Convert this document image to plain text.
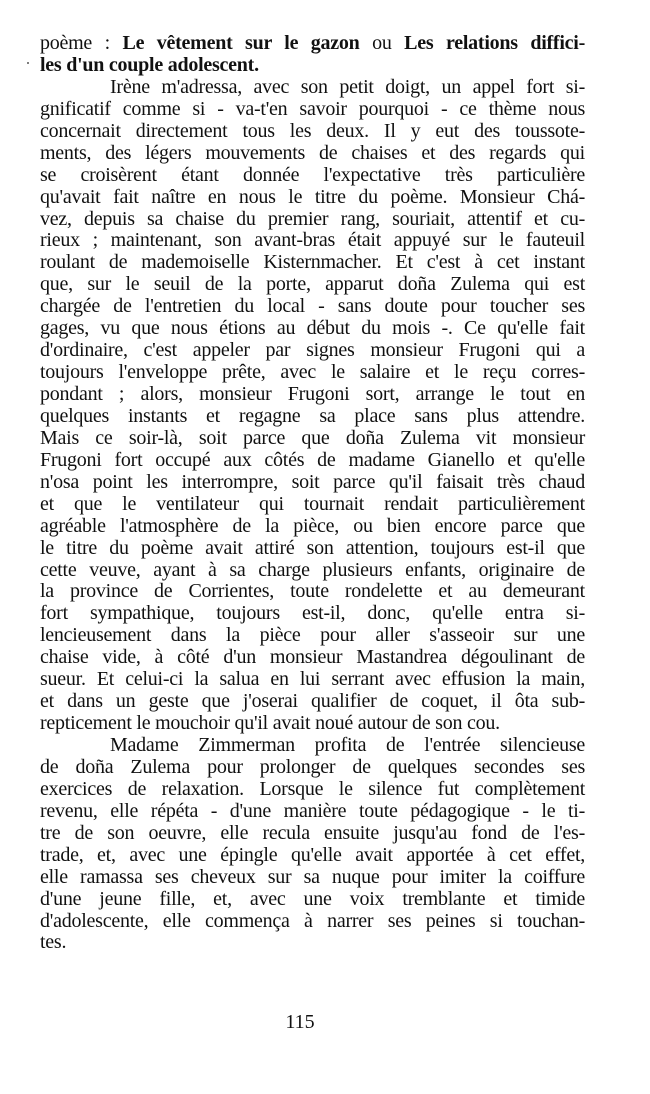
poème : Le vêtement sur le gazon ou Les relations diffici-
les d'un couple adolescent.
Irène m'adressa, avec son petit doigt, un appel fort si-
gnificatif comme si - va-t'en savoir pourquoi - ce thème nous
concernait directement tous les deux. Il y eut des toussote-
ments, des légers mouvements de chaises et des regards qui
se croisèrent étant donnée l'expectative très particulière
qu'avait fait naître en nous le titre du poème. Monsieur Chá-
vez, depuis sa chaise du premier rang, souriait, attentif et cu-
rieux ; maintenant, son avant-bras était appuyé sur le fauteuil
roulant de mademoiselle Kisternmacher. Et c'est à cet instant
que, sur le seuil de la porte, apparut doña Zulema qui est
chargée de l'entretien du local - sans doute pour toucher ses
gages, vu que nous étions au début du mois -. Ce qu'elle fait
d'ordinaire, c'est appeler par signes monsieur Frugoni qui a
toujours l'enveloppe prête, avec le salaire et le reçu corres-
pondant ; alors, monsieur Frugoni sort, arrange le tout en
quelques instants et regagne sa place sans plus attendre.
Mais ce soir-là, soit parce que doña Zulema vit monsieur
Frugoni fort occupé aux côtés de madame Gianello et qu'elle
n'osa point les interrompre, soit parce qu'il faisait très chaud
et que le ventilateur qui tournait rendait particulièrement
agréable l'atmosphère de la pièce, ou bien encore parce que
le titre du poème avait attiré son attention, toujours est-il que
cette veuve, ayant à sa charge plusieurs enfants, originaire de
la province de Corrientes, toute rondelette et au demeurant
fort sympathique, toujours est-il, donc, qu'elle entra si-
lencieusement dans la pièce pour aller s'asseoir sur une
chaise vide, à côté d'un monsieur Mastandrea dégoulinant de
sueur. Et celui-ci la salua en lui serrant avec effusion la main,
et dans un geste que j'oserai qualifier de coquet, il ôta sub-
repticement le mouchoir qu'il avait noué autour de son cou.
Madame Zimmerman profita de l'entrée silencieuse
de doña Zulema pour prolonger de quelques secondes ses
exercices de relaxation. Lorsque le silence fut complètement
revenu, elle répéta - d'une manière toute pédagogique - le ti-
tre de son oeuvre, elle recula ensuite jusqu'au fond de l'es-
trade, et, avec une épingle qu'elle avait apportée à cet effet,
elle ramassa ses cheveux sur sa nuque pour imiter la coiffure
d'une jeune fille, et, avec une voix tremblante et timide
d'adolescente, elle commença à narrer ses peines si touchan-
tes.
115
